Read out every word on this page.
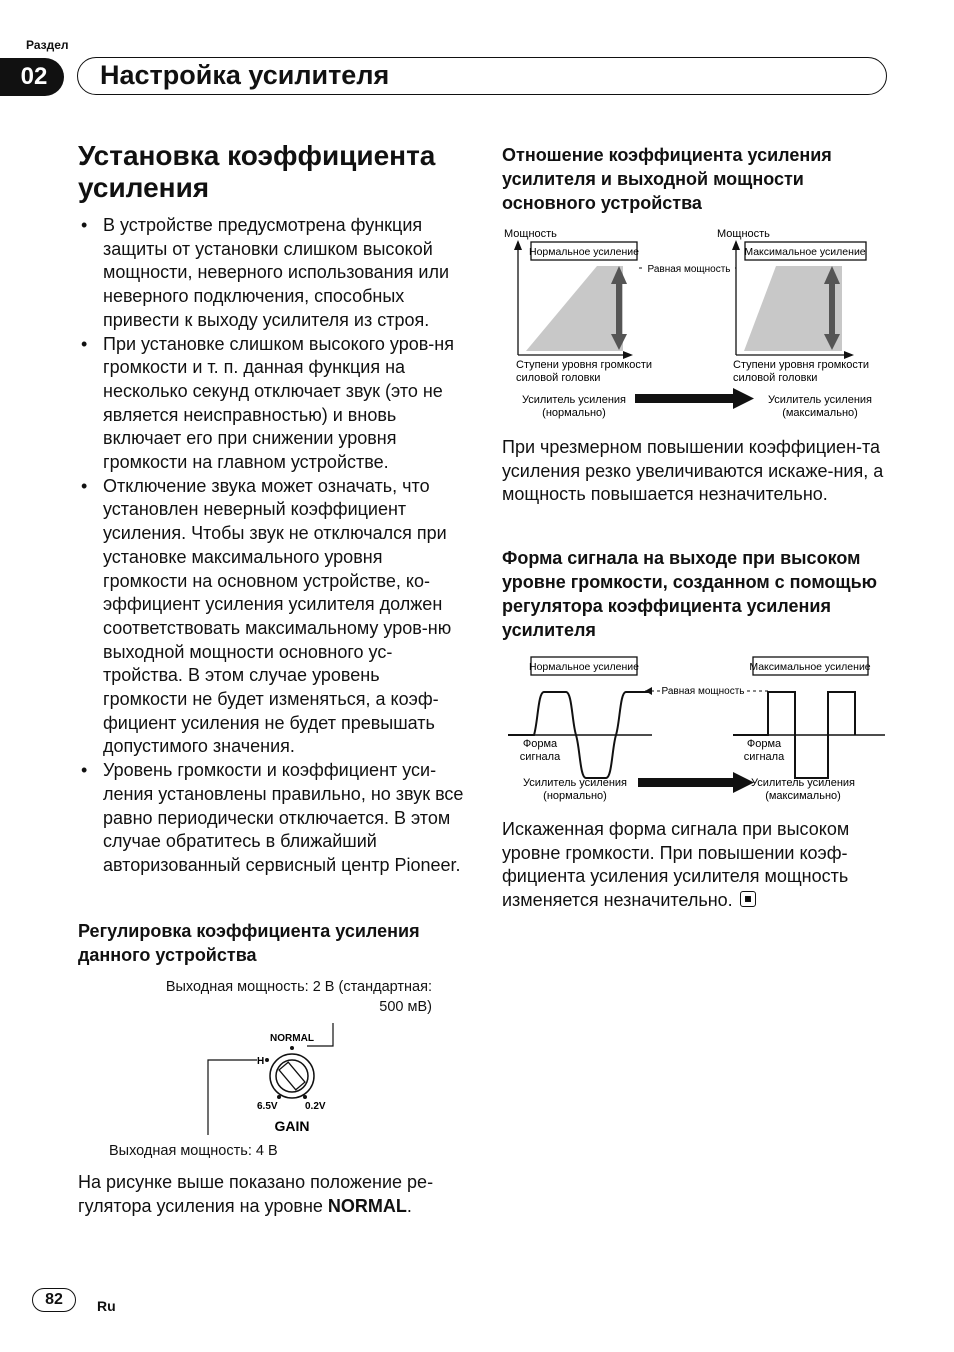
Раздел
02	Настройка усилителя
Установка коэффициента усиления
• В устройстве предусмотрена функция защиты от установки слишком высокой мощности, неверного использования или неверного подключения, способных привести к выходу усилителя из строя.
• При установке слишком высокого уров-ня громкости и т. п. данная функция на несколько секунд отключает звук (это не является неисправностью) и вновь включает его при снижении уровня громкости на главном устройстве.
• Отключение звука может означать, что установлен неверный коэффициент усиления. Чтобы звук не отключался при установке максимального уровня громкости на основном устройстве, ко-эффициент усиления усилителя должен соответствовать максимальному уров-ню выходной мощности основного ус-тройства. В этом случае уровень громкости не будет изменяться, а коэф-фициент усиления не будет превышать допустимого значения.
• Уровень громкости и коэффициент уси-ления установлены правильно, но звук все равно периодически отключается. В этом случае обратитесь в ближайший авторизованный сервисный центр Pioneer.
Регулировка коэффициента усиления данного устройства
Выходная мощность: 2 В (стандартная:
500 мВ)
NORMAL
H
6.5V	0.2V
GAIN
Выходная мощность: 4 В

На рисунке выше показано положение ре-гулятора усиления на уровне NORMAL.

Отношение коэффициента усиления усилителя и выходной мощности основного устройства
Мощность
Нормальное усиление
Равная мощность
Ступени уровня громкости
силовой головки
Мощность
Максимальное усиление
Ступени уровня громкости
силовой головки
Усилитель усиления
(нормально)
Усилитель усиления
(максимально)

При чрезмерном повышении коэффициен-та усиления резко увеличиваются искаже-ния, а мощность повышается незначительно.

Форма сигнала на выходе при высоком уровне громкости, созданном с помощью регулятора коэффициента усиления усилителя
Нормальное усиление	Максимальное усиление
Равная мощность
Форма
сигнала
Форма
сигнала
Усилитель усиления
(нормально)
Усилитель усиления
(максимально)

Искаженная форма сигнала при высоком уровне громкости. При повышении коэф-фициента усиления усилителя мощность изменяется незначительно.

82	Ru
